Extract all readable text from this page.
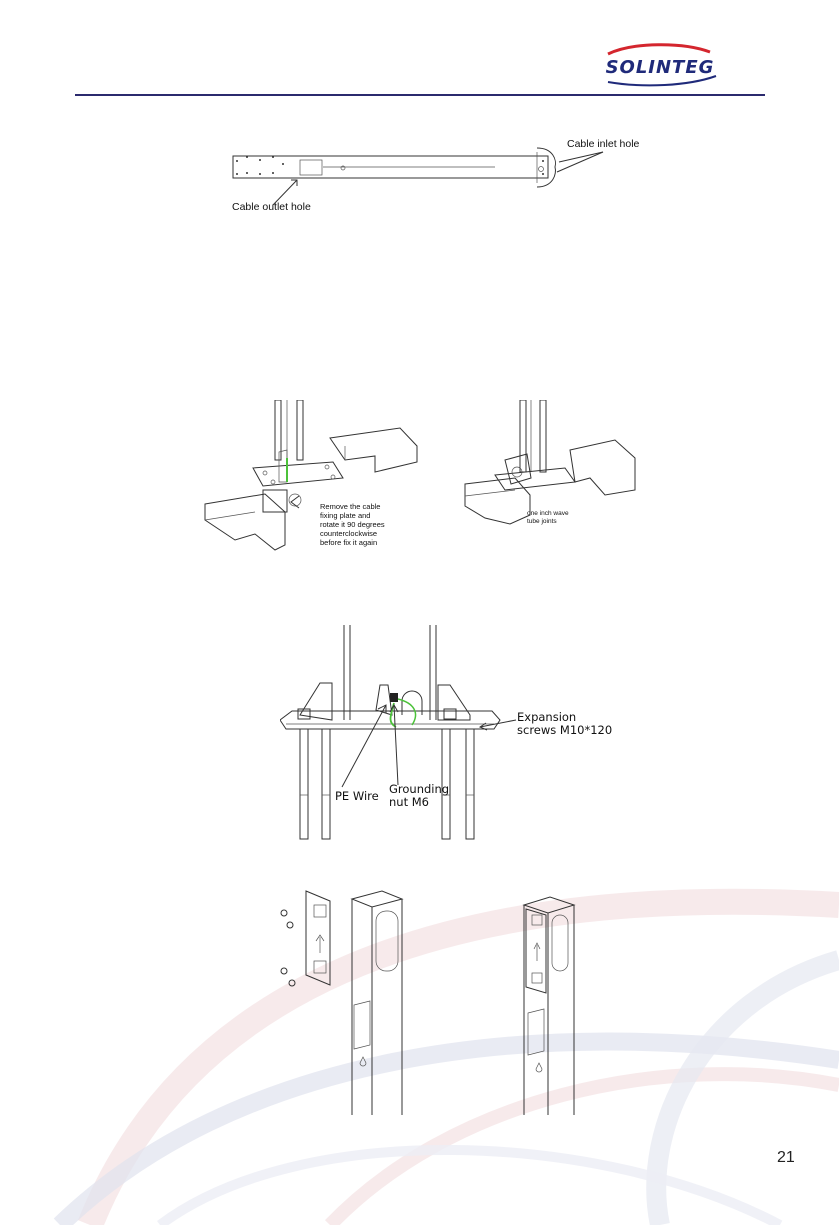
SOLINTEG
Cable inlet hole
Cable outlet hole
Remove the cable
fixing plate and
rotate it 90 degrees
counterclockwise
before fix it again
one inch wave
tube joints
Expansion
screws M10*120
PE Wire Grounding
nut M6
21
